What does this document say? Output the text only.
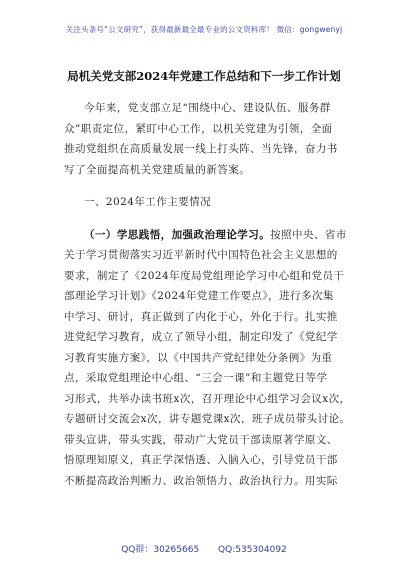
关注头条号“公文研究”，获得最新最全最专业的公文资料库！ 微信：gongwenyj
局机关党支部2024年党建工作总结和下一步工作计划
今年来，党支部立足“围绕中心、建设队伍、服务群
众”职责定位，紧盯中心工作，以机关党建为引领，全面
推动党组织在高质量发展一线上打头阵、当先锋，奋力书
写了全面提高机关党建质量的新答案。
一、2024年工作主要情况
（一）学思践悟，加强政治理论学习。按照中央、省市
关于学习贯彻落实习近平新时代中国特色社会主义思想的
要求，制定了《2024年度局党组理论学习中心组和党员干
部理论学习计划》《2024年党建工作要点》，进行多次集
中学习、研讨，真正做到了内化于心，外化于行。扎实推
进党纪学习教育，成立了领导小组，制定印发了《党纪学
习教育实施方案》，以《中国共产党纪律处分条例》为重
点，采取党组理论中心组、“三会一课”和主题党日等学
习形式，共举办读书班x次，召开理论中心组学习会议x次，
专题研讨交流会x次，讲专题党课x次，班子成员带头讨论。
带头宣讲，带头实践，带动广大党员干部读原著学原文、
悟原理知原义，真正学深悟透、入脑入心，引导党员干部
不断提高政治判断力、政治领悟力、政治执行力。用实际
QQ群：30265665 QQ:535304092
